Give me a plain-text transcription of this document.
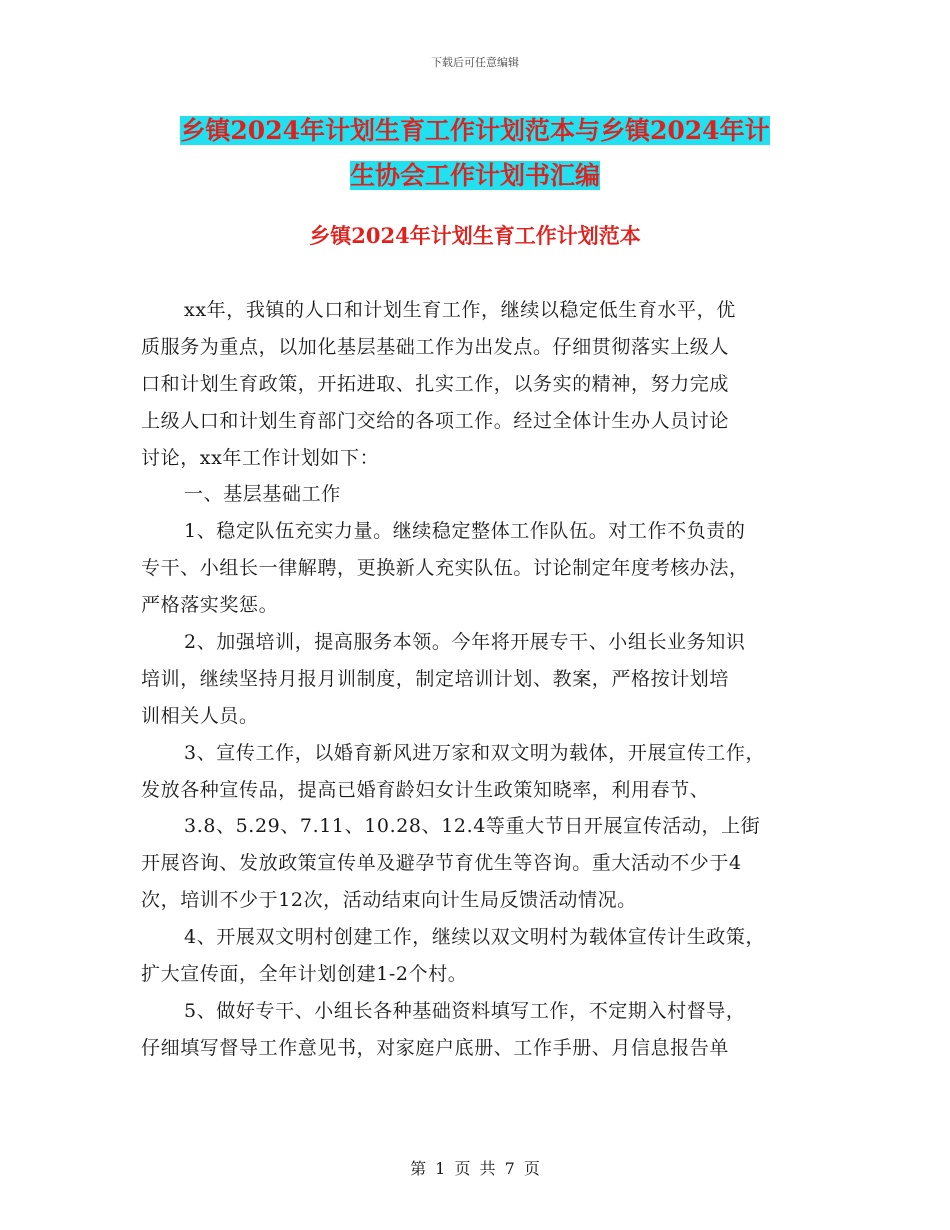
下载后可任意编辑
乡镇2024年计划生育工作计划范本与乡镇2024年计
生协会工作计划书汇编
乡镇2024年计划生育工作计划范本
xx年，我镇的人口和计划生育工作，继续以稳定低生育水平，优
质服务为重点，以加化基层基础工作为出发点。仔细贯彻落实上级人
口和计划生育政策，开拓进取、扎实工作，以务实的精神，努力完成
上级人口和计划生育部门交给的各项工作。经过全体计生办人员讨论
讨论，xx年工作计划如下：
一、基层基础工作
1、稳定队伍充实力量。继续稳定整体工作队伍。对工作不负责的
专干、小组长一律解聘，更换新人充实队伍。讨论制定年度考核办法，
严格落实奖惩。
2、加强培训，提高服务本领。今年将开展专干、小组长业务知识
培训，继续坚持月报月训制度，制定培训计划、教案，严格按计划培
训相关人员。
3、宣传工作，以婚育新风进万家和双文明为载体，开展宣传工作，
发放各种宣传品，提高已婚育龄妇女计生政策知晓率，利用春节、
3.8、5.29、7.11、10.28、12.4等重大节日开展宣传活动，上街
开展咨询、发放政策宣传单及避孕节育优生等咨询。重大活动不少于4
次，培训不少于12次，活动结束向计生局反馈活动情况。
4、开展双文明村创建工作，继续以双文明村为载体宣传计生政策，
扩大宣传面，全年计划创建1-2个村。
5、做好专干、小组长各种基础资料填写工作，不定期入村督导，
仔细填写督导工作意见书，对家庭户底册、工作手册、月信息报告单
第 1 页 共 7 页
